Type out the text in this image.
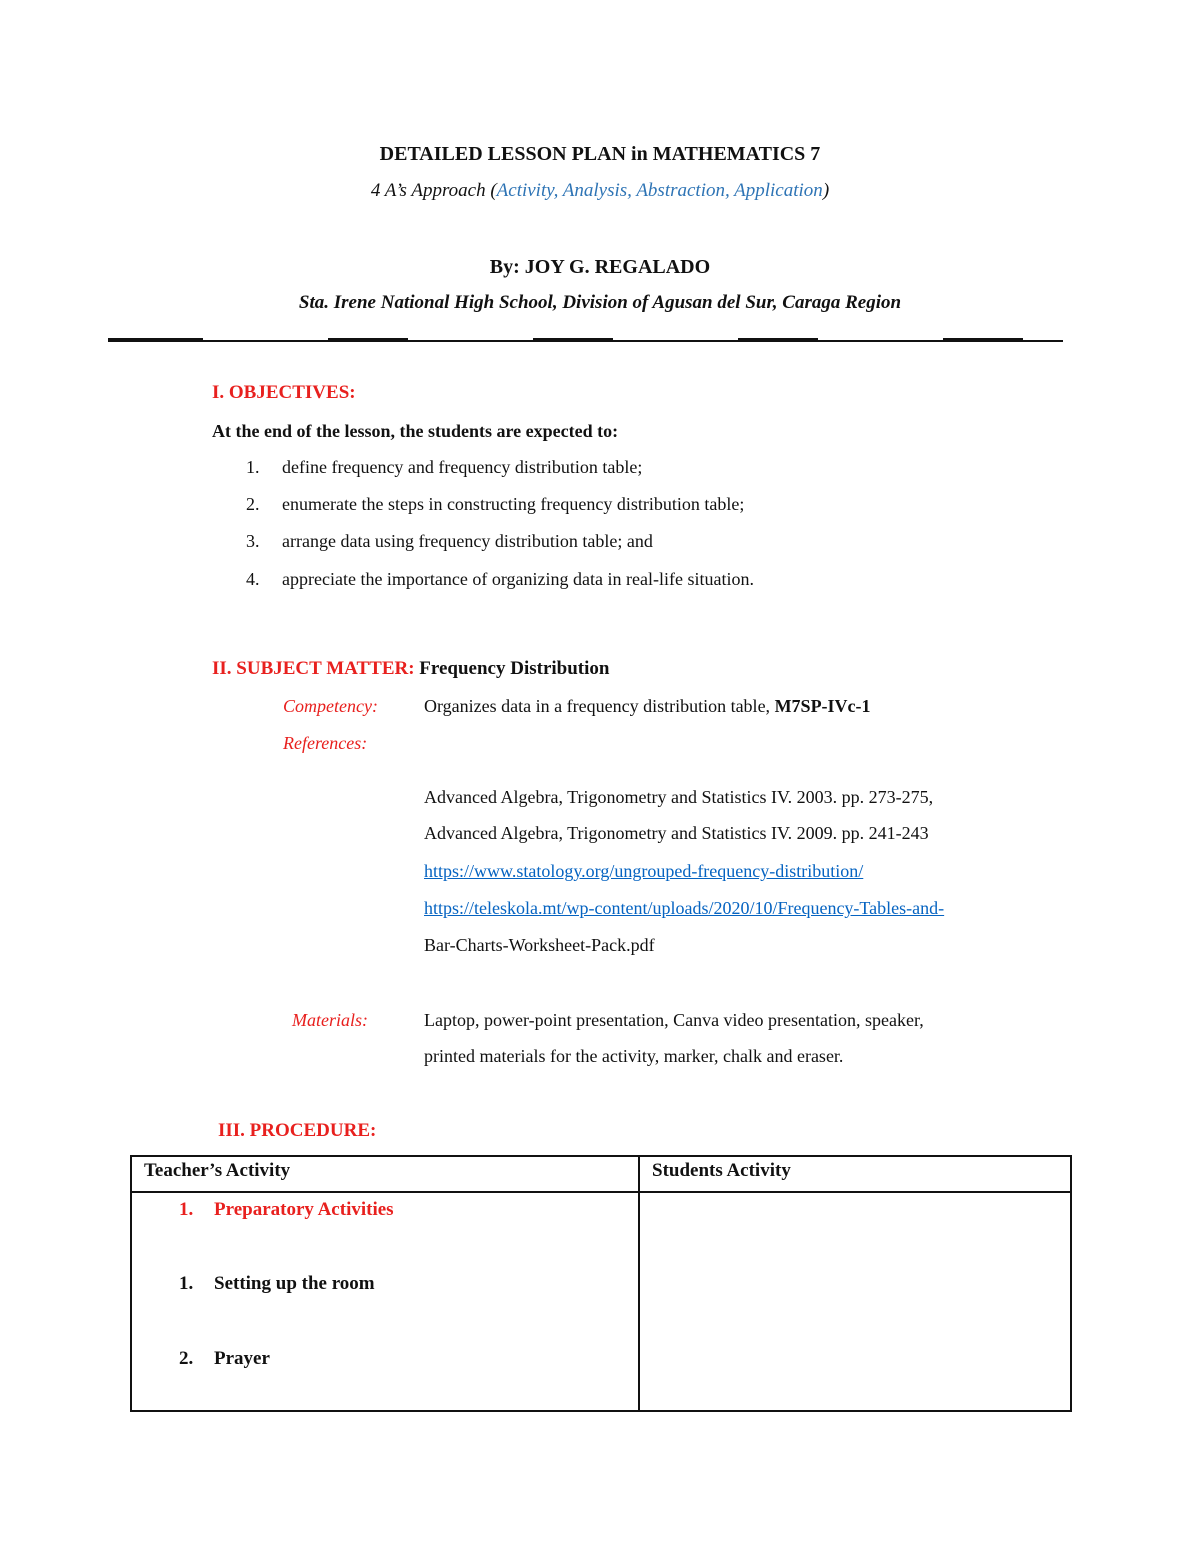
DETAILED LESSON PLAN in MATHEMATICS 7
4 A’s Approach (Activity, Analysis, Abstraction, Application)
By: JOY G. REGALADO
Sta. Irene National High School, Division of Agusan del Sur, Caraga Region
I. OBJECTIVES:
At the end of the lesson, the students are expected to:
1. define frequency and frequency distribution table;
2. enumerate the steps in constructing frequency distribution table;
3. arrange data using frequency distribution table; and
4. appreciate the importance of organizing data in real-life situation.
II. SUBJECT MATTER: Frequency Distribution
Competency:	Organizes data in a frequency distribution table, M7SP-IVc-1
References:
Advanced Algebra, Trigonometry and Statistics IV. 2003. pp. 273-275,
Advanced Algebra, Trigonometry and Statistics IV. 2009. pp. 241-243
https://www.statology.org/ungrouped-frequency-distribution/
https://teleskola.mt/wp-content/uploads/2020/10/Frequency-Tables-and-
Bar-Charts-Worksheet-Pack.pdf
Materials:	Laptop, power-point presentation, Canva video presentation, speaker,
printed materials for the activity, marker, chalk and eraser.
III. PROCEDURE:
Teacher’s Activity	Students Activity

1. Preparatory Activities
1. Setting up the room
2. Prayer	
